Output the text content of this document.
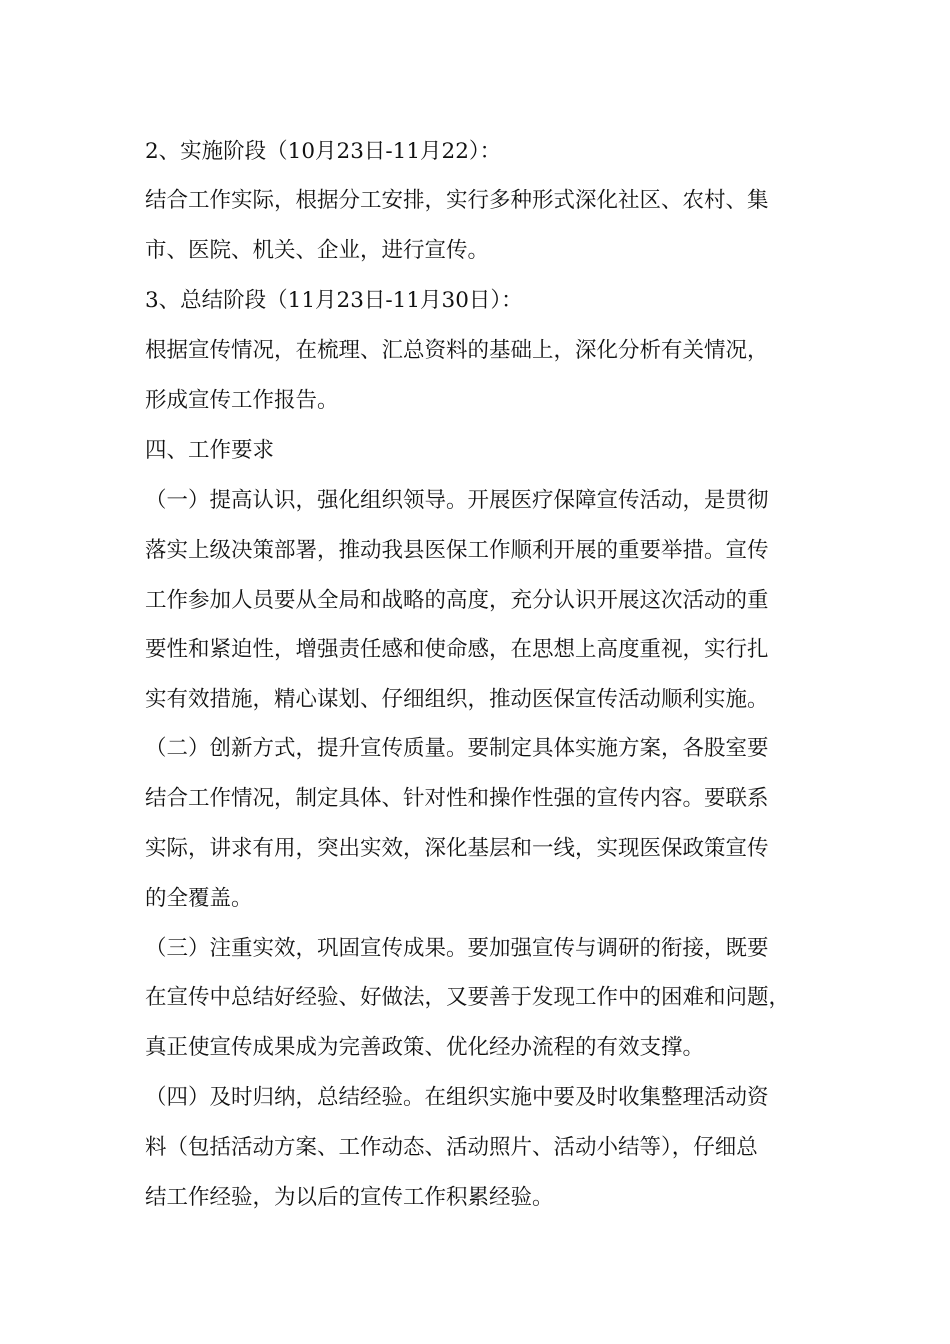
2、实施阶段（10月23日-11月22）：
结合工作实际，根据分工安排，实行多种形式深化社区、农村、集
市、医院、机关、企业，进行宣传。
3、总结阶段（11月23日-11月30日）：
根据宣传情况，在梳理、汇总资料的基础上，深化分析有关情况，
形成宣传工作报告。
四、工作要求
（一）提高认识，强化组织领导。开展医疗保障宣传活动，是贯彻
落实上级决策部署，推动我县医保工作顺利开展的重要举措。宣传
工作参加人员要从全局和战略的高度，充分认识开展这次活动的重
要性和紧迫性，增强责任感和使命感，在思想上高度重视，实行扎
实有效措施，精心谋划、仔细组织，推动医保宣传活动顺利实施。
（二）创新方式，提升宣传质量。要制定具体实施方案，各股室要
结合工作情况，制定具体、针对性和操作性强的宣传内容。要联系
实际，讲求有用，突出实效，深化基层和一线，实现医保政策宣传
的全覆盖。
（三）注重实效，巩固宣传成果。要加强宣传与调研的衔接，既要
在宣传中总结好经验、好做法，又要善于发现工作中的困难和问题，
真正使宣传成果成为完善政策、优化经办流程的有效支撑。
（四）及时归纳，总结经验。在组织实施中要及时收集整理活动资
料（包括活动方案、工作动态、活动照片、活动小结等），仔细总
结工作经验，为以后的宣传工作积累经验。
